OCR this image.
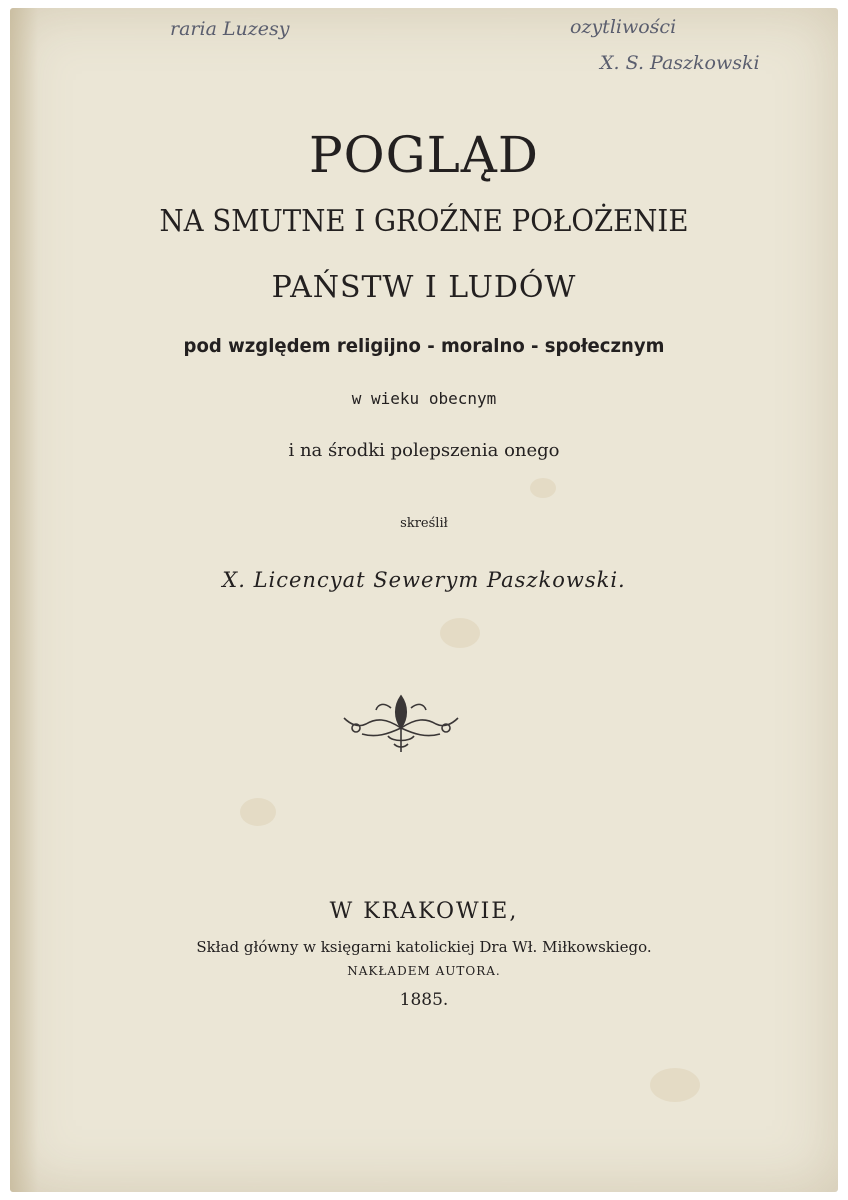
raria Luzesy	ozytliwości
X. S. Paszkowski
POGLĄD
NA SMUTNE I GROŹNE POŁOŻENIE
PAŃSTW I LUDÓW
pod względem religijno - moralno - społecznym
w wieku obecnym
i na środki polepszenia onego
skreślił
X. Licencyat Sewerym Paszkowski.
W KRAKOWIE,
Skład główny w księgarni katolickiej Dra Wł. Miłkowskiego.
NAKŁADEM AUTORA.
1885.
